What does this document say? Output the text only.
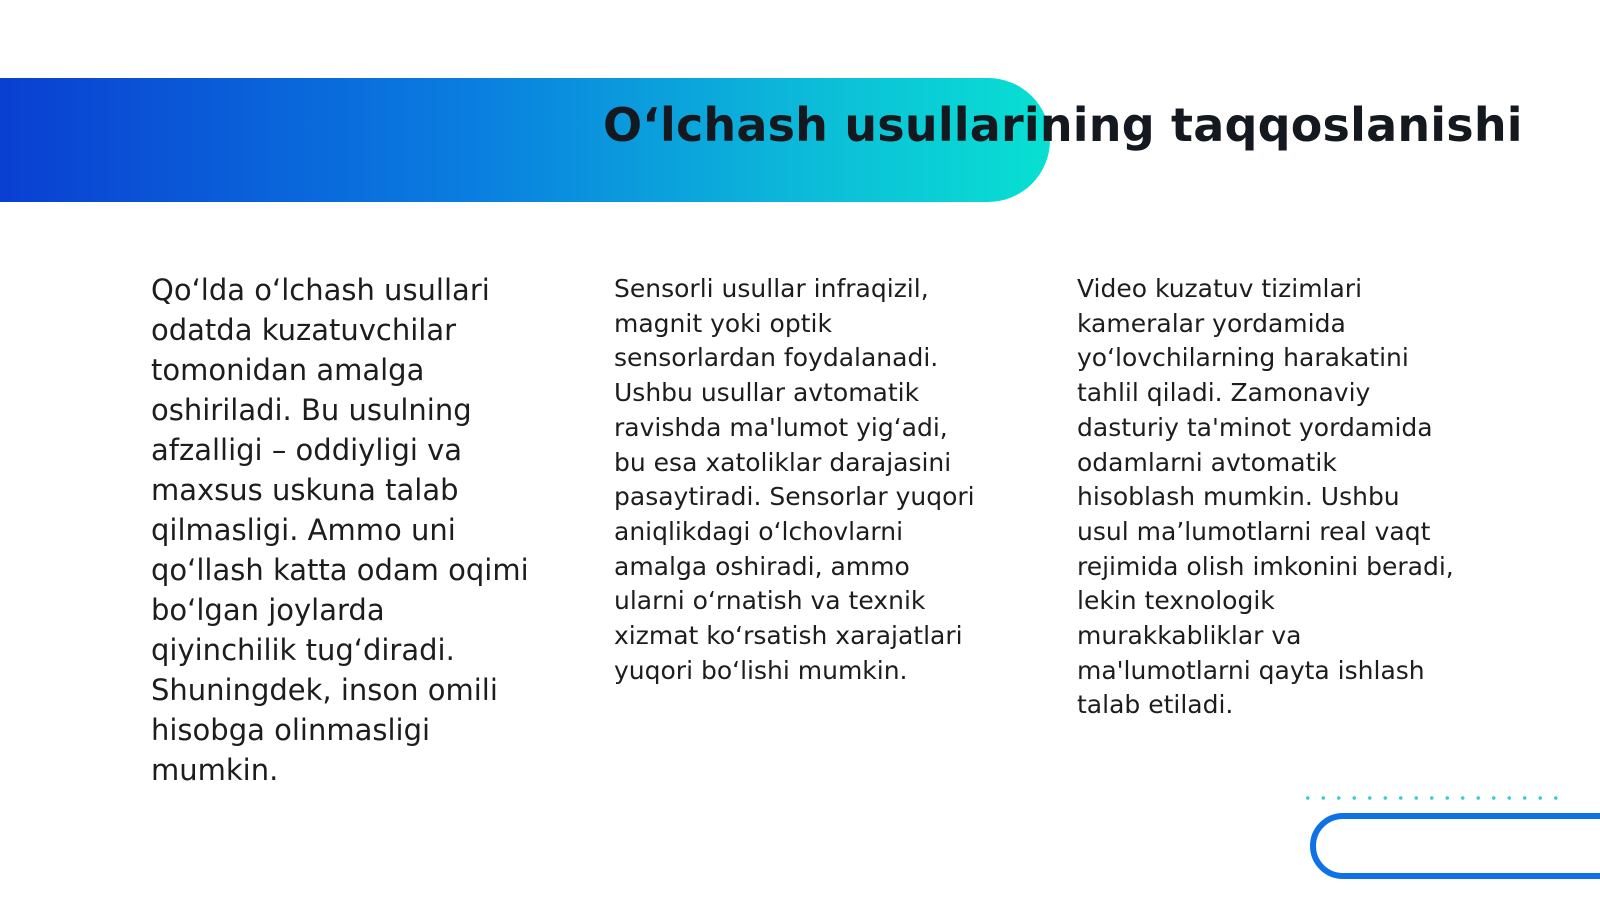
O‘lchash usullarining taqqoslanishi

Qo‘lda o‘lchash usullari odatda kuzatuvchilar tomonidan amalga oshiriladi. Bu usulning afzalligi – oddiyligi va maxsus uskuna talab qilmasligi. Ammo uni qo‘llash katta odam oqimi bo‘lgan joylarda qiyinchilik tug‘diradi. Shuningdek, inson omili hisobga olinmasligi mumkin.

Sensorli usullar infraqizil, magnit yoki optik sensorlardan foydalanadi. Ushbu usullar avtomatik ravishda ma'lumot yig‘adi, bu esa xatoliklar darajasini pasaytiradi. Sensorlar yuqori aniqlikdagi o‘lchovlarni amalga oshiradi, ammo ularni o‘rnatish va texnik xizmat ko‘rsatish xarajatlari yuqori bo‘lishi mumkin.

Video kuzatuv tizimlari kameralar yordamida yo‘lovchilarning harakatini tahlil qiladi. Zamonaviy dasturiy ta'minot yordamida odamlarni avtomatik hisoblash mumkin. Ushbu usul ma’lumotlarni real vaqt rejimida olish imkonini beradi, lekin texnologik murakkabliklar va ma'lumotlarni qayta ishlash talab etiladi.
